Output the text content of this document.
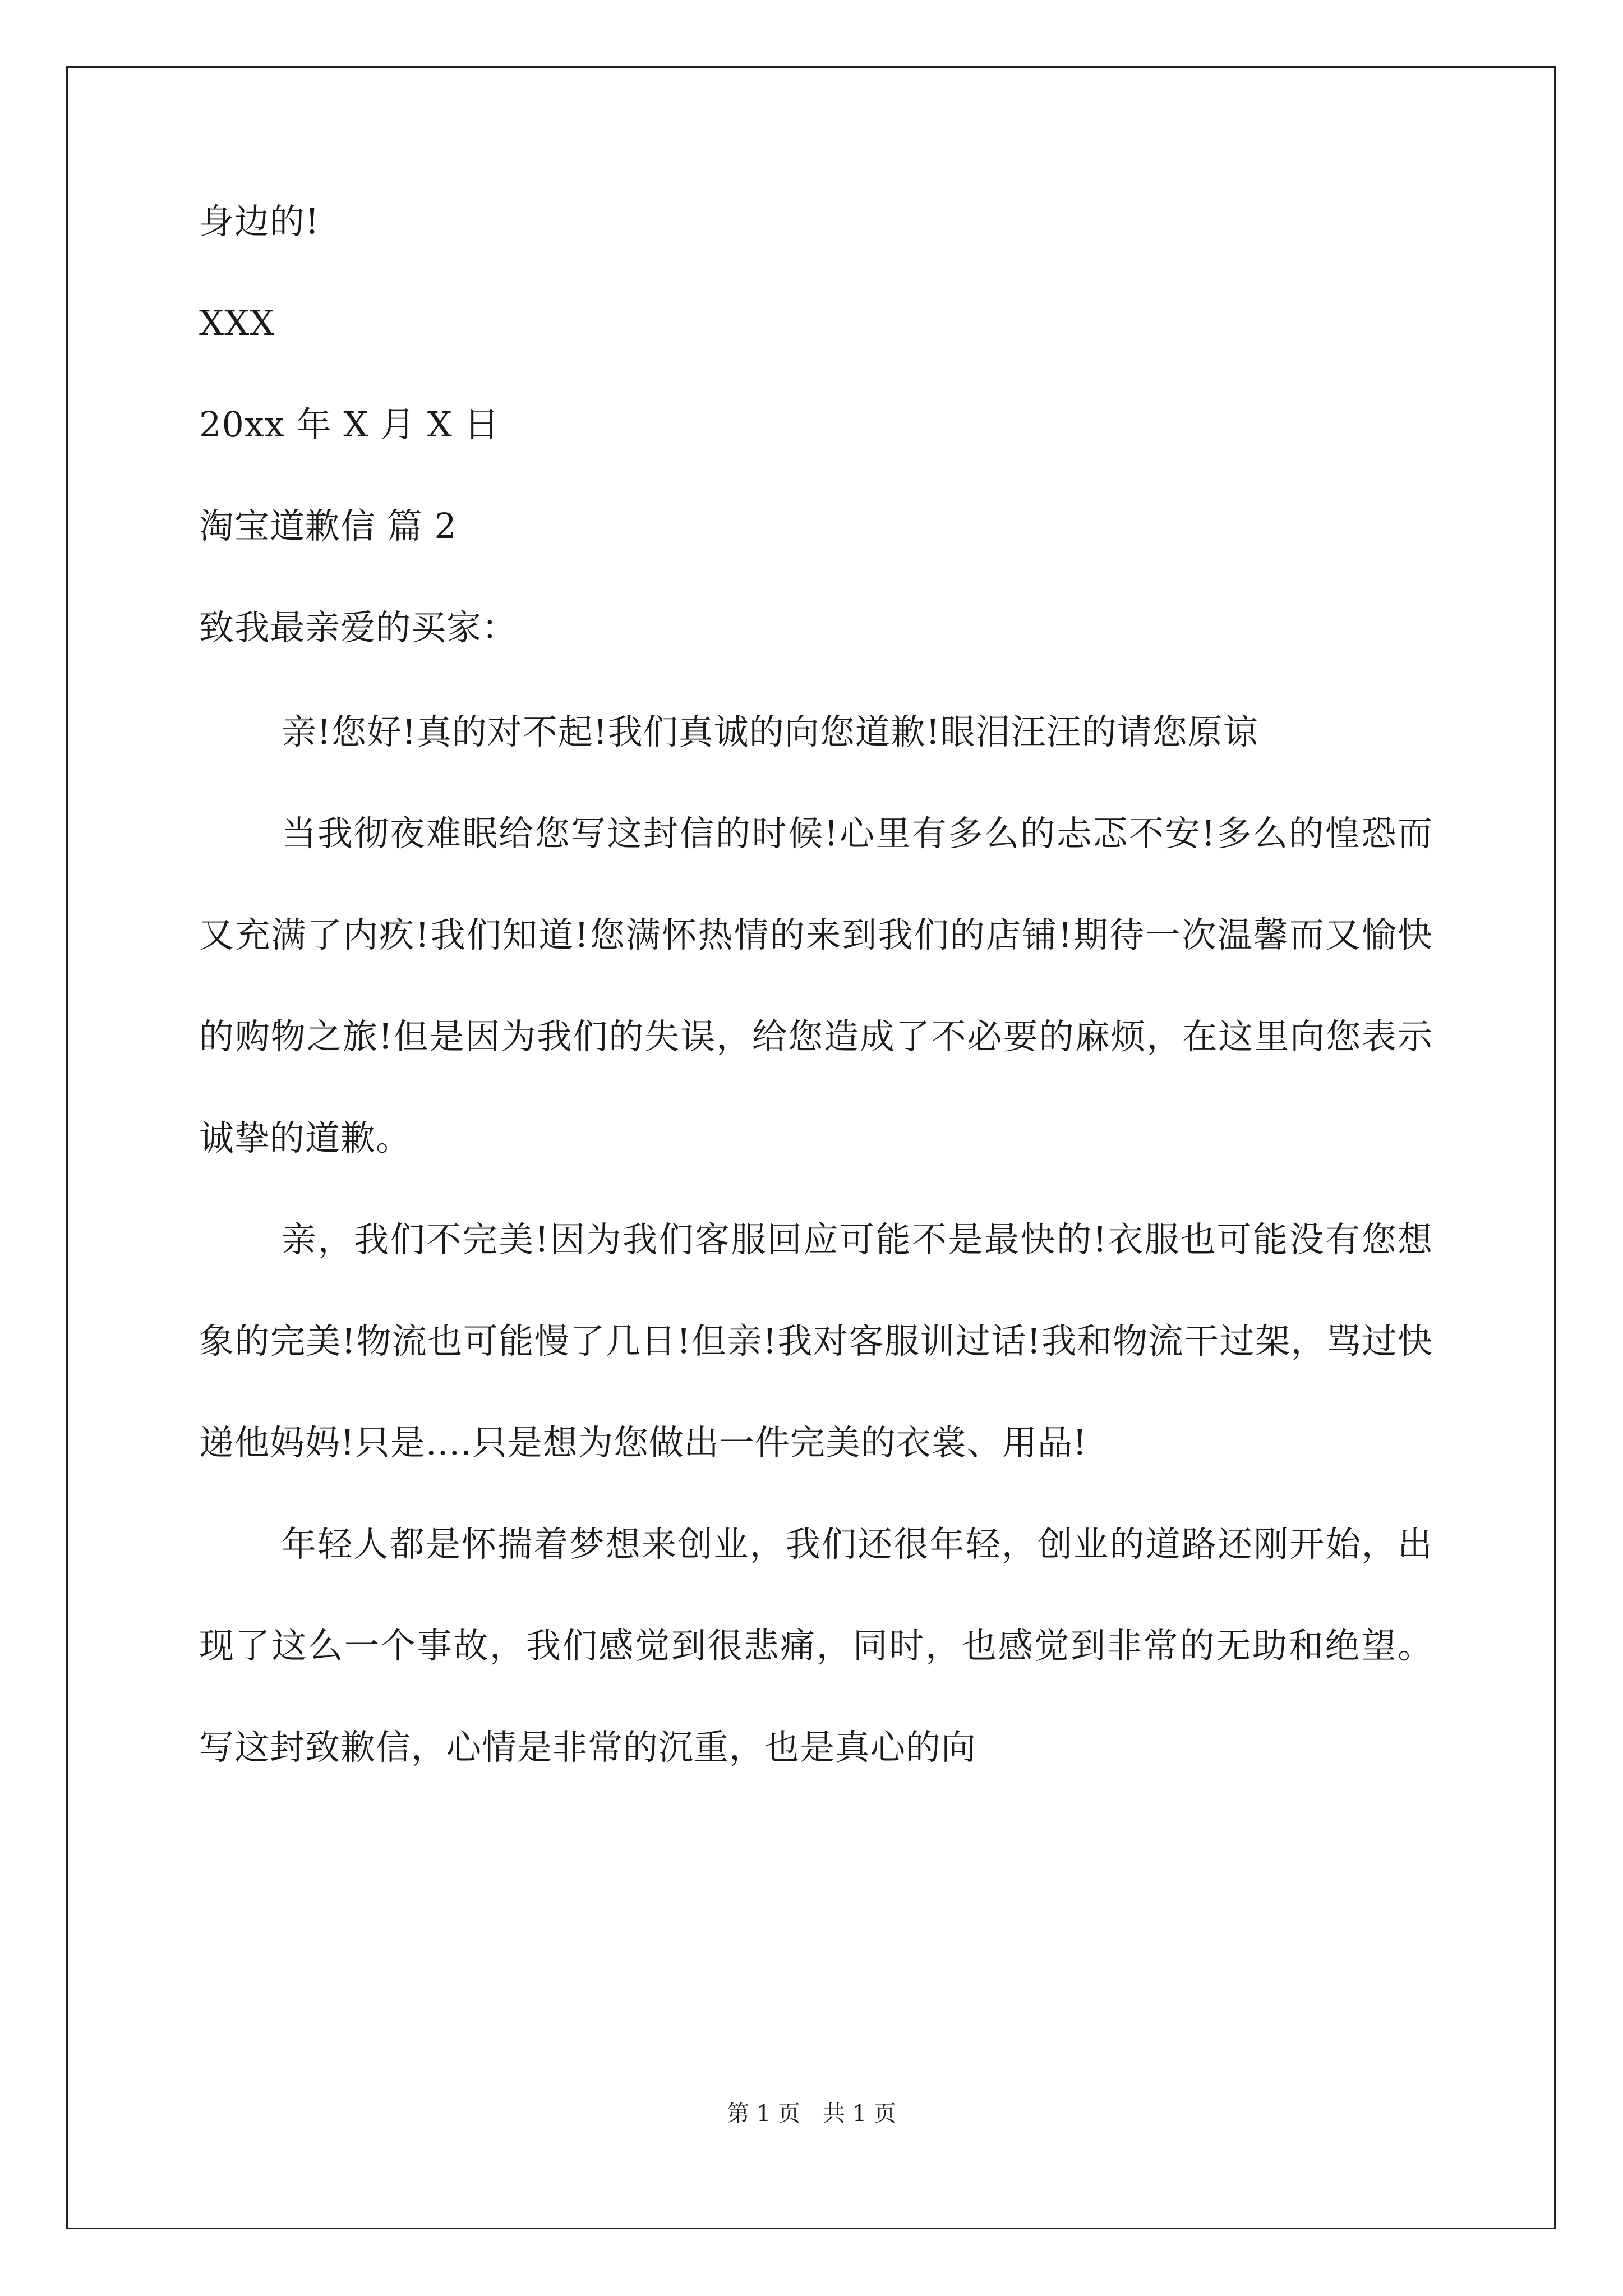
身边的!

XXX

20xx 年 X 月 X 日

淘宝道歉信 篇 2

致我最亲爱的买家：

亲!您好!真的对不起!我们真诚的向您道歉!眼泪汪汪的请您原谅

当我彻夜难眠给您写这封信的时候!心里有多么的忐忑不安!多么的惶恐而又充满了内疚!我们知道!您满怀热情的来到我们的店铺!期待一次温馨而又愉快的购物之旅!但是因为我们的失误，给您造成了不必要的麻烦，在这里向您表示诚挚的道歉。

亲，我们不完美!因为我们客服回应可能不是最快的!衣服也可能没有您想象的完美!物流也可能慢了几日!但亲!我对客服训过话!我和物流干过架，骂过快递他妈妈!只是....只是想为您做出一件完美的衣裳、用品!

年轻人都是怀揣着梦想来创业，我们还很年轻，创业的道路还刚开始，出现了这么一个事故，我们感觉到很悲痛，同时，也感觉到非常的无助和绝望。 写这封致歉信，心情是非常的沉重，也是真心的向

第 1 页　共 1 页
